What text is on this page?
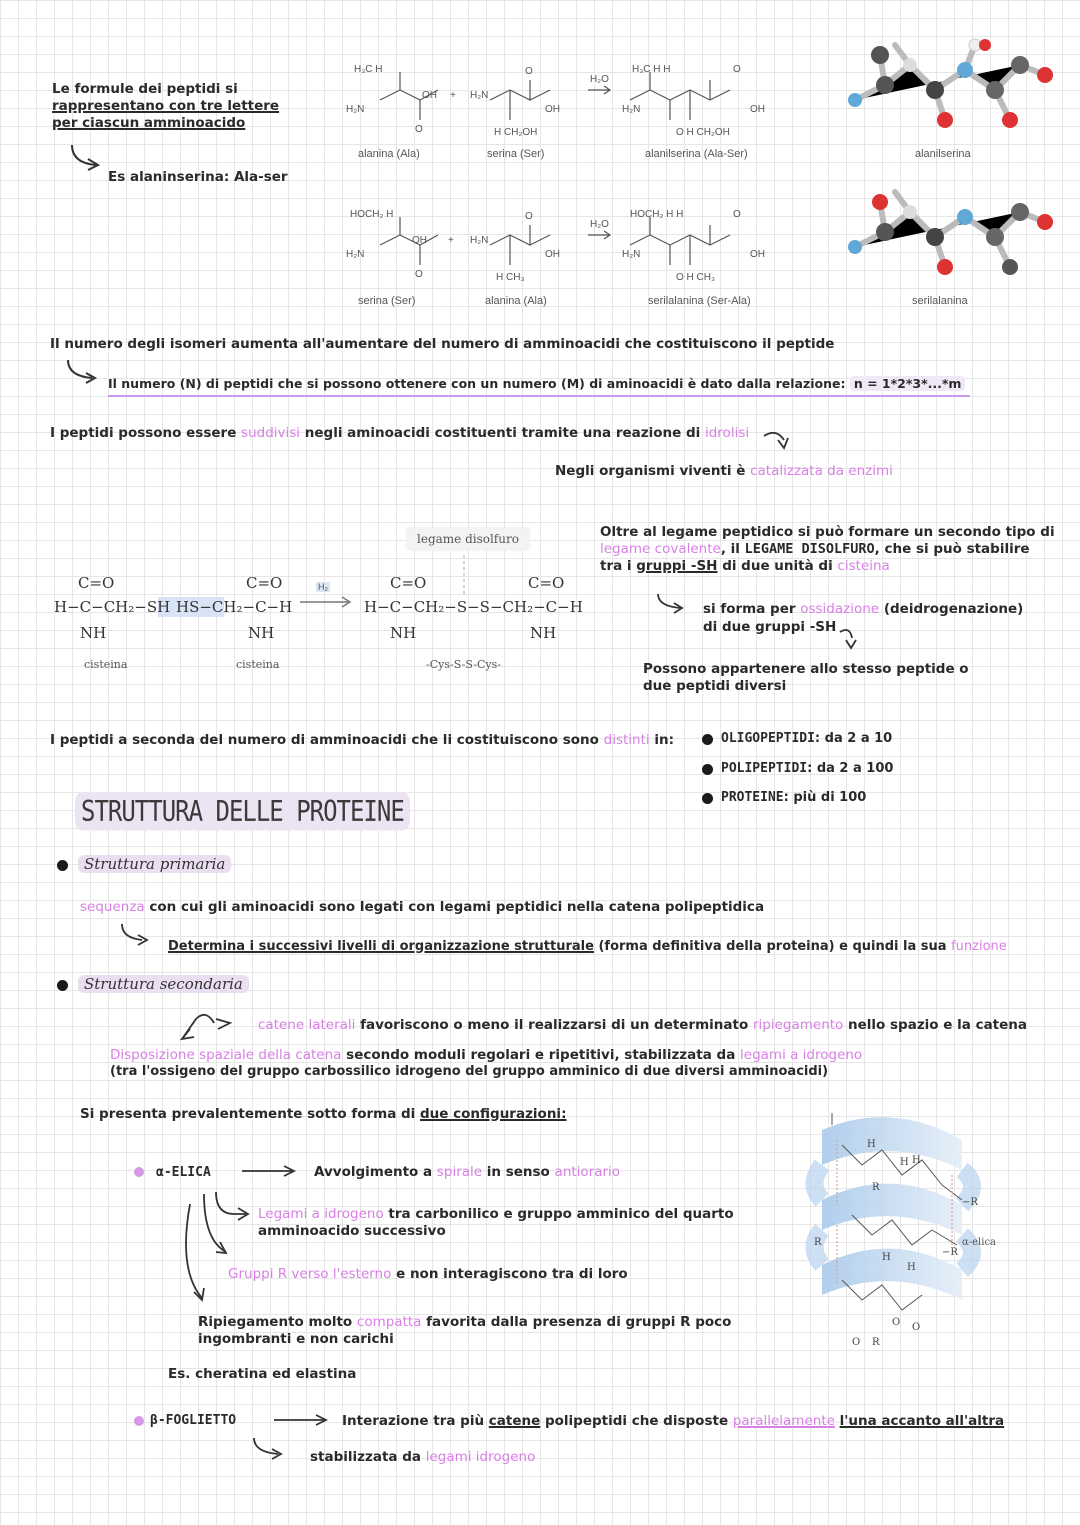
Le formule dei peptidi si
rappresentano con tre lettere
per ciascun amminoacido
Es alaninserina: Ala-ser
H₃C H
H₂N
OH
O
+ H₂N
O
OH
H CH₂OH
H₂O
H₃C H H
H₂N
O
OH
O H CH₂OH
alanina (Ala)	serina (Ser)	alanilserina (Ala-Ser)	alanilserina
HOCH₂ H
H₂N
OH
O
+ H₂N
O
OH
H CH₃
H₂O
HOCH₂ H H
H₂N
O
OH
O H CH₃
serina (Ser)	alanina (Ala)	serilalanina (Ser-Ala)	serilalanina
Il numero degli isomeri aumenta all'aumentare del numero di amminoacidi che costituiscono il peptide
Il numero (N) di peptidi che si possono ottenere con un numero (M) di aminoacidi è dato dalla relazione: n = 1*2*3*...*m
I peptidi possono essere suddivisi negli aminoacidi costituenti tramite una reazione di idrolisi
Negli organismi viventi è catalizzata da enzimi
legame disolfuro
C=O	C=O	C=O	C=O
H−C−CH₂−SH HS−CH₂−C−H →
H₂
H−C−CH₂−S−S−CH₂−C−H
NH	NH	NH	NH
cisteina	cisteina	-Cys-S-S-Cys-
Oltre al legame peptidico si può formare un secondo tipo di
legame covalente, il LEGAME DISOLFURO, che si può stabilire
tra i gruppi -SH di due unità di cisteina
si forma per ossidazione (deidrogenazione)
di due gruppi -SH
Possono appartenere allo stesso peptide o
due peptidi diversi
I peptidi a seconda del numero di amminoacidi che li costituiscono sono distinti in:	OLIGOPEPTIDI: da 2 a 10
POLIPEPTIDI: da 2 a 100
PROTEINE: più di 100
STRUTTURA DELLE PROTEINE
Struttura primaria
sequenza con cui gli aminoacidi sono legati con legami peptidici nella catena polipeptidica
Determina i successivi livelli di organizzazione strutturale (forma definitiva della proteina) e quindi la sua funzione
Struttura secondaria
catene laterali favoriscono o meno il realizzarsi di un determinato ripiegamento nello spazio e la catena
Disposizione spaziale della catena secondo moduli regolari e ripetitivi, stabilizzata da legami a idrogeno
(tra l'ossigeno del gruppo carbossilico idrogeno del gruppo amminico di due diversi amminoacidi)
Si presenta prevalentemente sotto forma di due configurazioni:
α-ELICA	Avvolgimento a spirale in senso antiorario
Legami a idrogeno tra carbonilico e gruppo amminico del quarto
amminoacido successivo
Gruppi R verso l'esterno e non interagiscono tra di loro
Ripiegamento molto compatta favorita dalla presenza di gruppi R poco
ingombranti e non carichi
Es. cheratina ed elastina
H
H H
R
−R
R
H
H
−R
O R
O O
α-elica
β-FOGLIETTO	Interazione tra più catene polipeptidi che disposte parallelamente l'una accanto all'altra
stabilizzata da legami idrogeno
